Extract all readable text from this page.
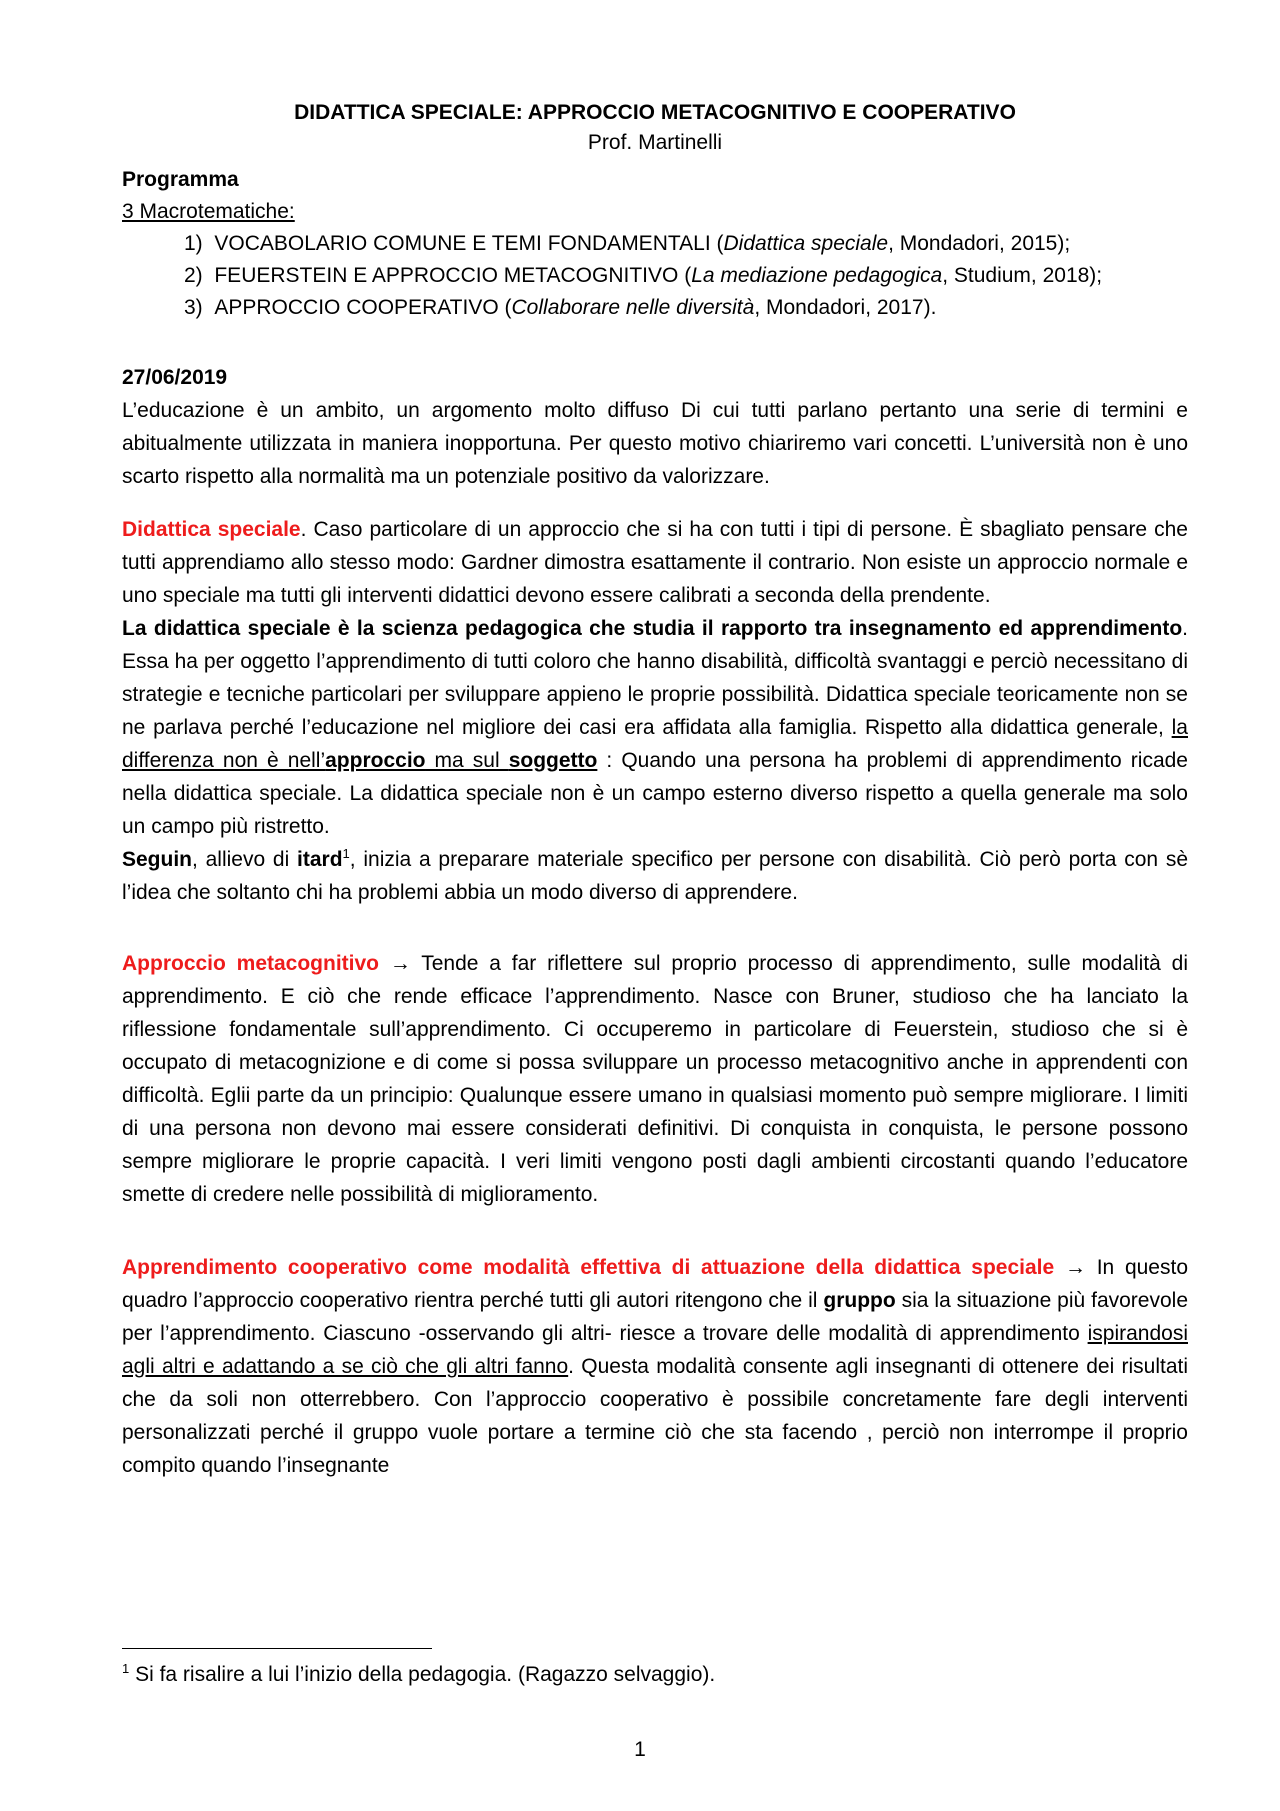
DIDATTICA SPECIALE: APPROCCIO METACOGNITIVO E COOPERATIVO
Prof. Martinelli
Programma
3 Macrotematiche:
1) VOCABOLARIO COMUNE E TEMI FONDAMENTALI (Didattica speciale, Mondadori, 2015);
2) FEUERSTEIN E APPROCCIO METACOGNITIVO (La mediazione pedagogica, Studium, 2018);
3) APPROCCIO COOPERATIVO (Collaborare nelle diversità, Mondadori, 2017).
27/06/2019

L’educazione è un ambito, un argomento molto diffuso Di cui tutti parlano pertanto una serie di termini e abitualmente utilizzata in maniera inopportuna. Per questo motivo chiariremo vari concetti. L’università non è uno scarto rispetto alla normalità ma un potenziale positivo da valorizzare.

Didattica speciale. Caso particolare di un approccio che si ha con tutti i tipi di persone. È sbagliato pensare che tutti apprendiamo allo stesso modo: Gardner dimostra esattamente il contrario. Non esiste un approccio normale e uno speciale ma tutti gli interventi didattici devono essere calibrati a seconda della prendente.

La didattica speciale è la scienza pedagogica che studia il rapporto tra insegnamento ed apprendimento. Essa ha per oggetto l’apprendimento di tutti coloro che hanno disabilità, difficoltà svantaggi e perciò necessitano di strategie e tecniche particolari per sviluppare appieno le proprie possibilità. Didattica speciale teoricamente non se ne parlava perché l’educazione nel migliore dei casi era affidata alla famiglia. Rispetto alla didattica generale, la differenza non è nell’approccio ma sul soggetto : Quando una persona ha problemi di apprendimento ricade nella didattica speciale. La didattica speciale non è un campo esterno diverso rispetto a quella generale ma solo un campo più ristretto.

Seguin, allievo di itard$^1$, inizia a preparare materiale specifico per persone con disabilità. Ciò però porta con sè l’idea che soltanto chi ha problemi abbia un modo diverso di apprendere.

Approccio metacognitivo → Tende a far riflettere sul proprio processo di apprendimento, sulle modalità di apprendimento. E ciò che rende efficace l’apprendimento. Nasce con Bruner, studioso che ha lanciato la riflessione fondamentale sull’apprendimento. Ci occuperemo in particolare di Feuerstein, studioso che si è occupato di metacognizione e di come si possa sviluppare un processo metacognitivo anche in apprendenti con difficoltà. Eglii parte da un principio: Qualunque essere umano in qualsiasi momento può sempre migliorare. I limiti di una persona non devono mai essere considerati definitivi. Di conquista in conquista, le persone possono sempre migliorare le proprie capacità. I veri limiti vengono posti dagli ambienti circostanti quando l’educatore smette di credere nelle possibilità di miglioramento.

Apprendimento cooperativo come modalità effettiva di attuazione della didattica speciale → In questo quadro l’approccio cooperativo rientra perché tutti gli autori ritengono che il gruppo sia la situazione più favorevole per l’apprendimento. Ciascuno -osservando gli altri- riesce a trovare delle modalità di apprendimento ispirandosi agli altri e adattando a se ciò che gli altri fanno. Questa modalità consente agli insegnanti di ottenere dei risultati che da soli non otterrebbero. Con l’approccio cooperativo è possibile concretamente fare degli interventi personalizzati perché il gruppo vuole portare a termine ciò che sta facendo , perciò non interrompe il proprio compito quando l’insegnante

$^1$ Si fa risalire a lui l’inizio della pedagogia. (Ragazzo selvaggio).
1
